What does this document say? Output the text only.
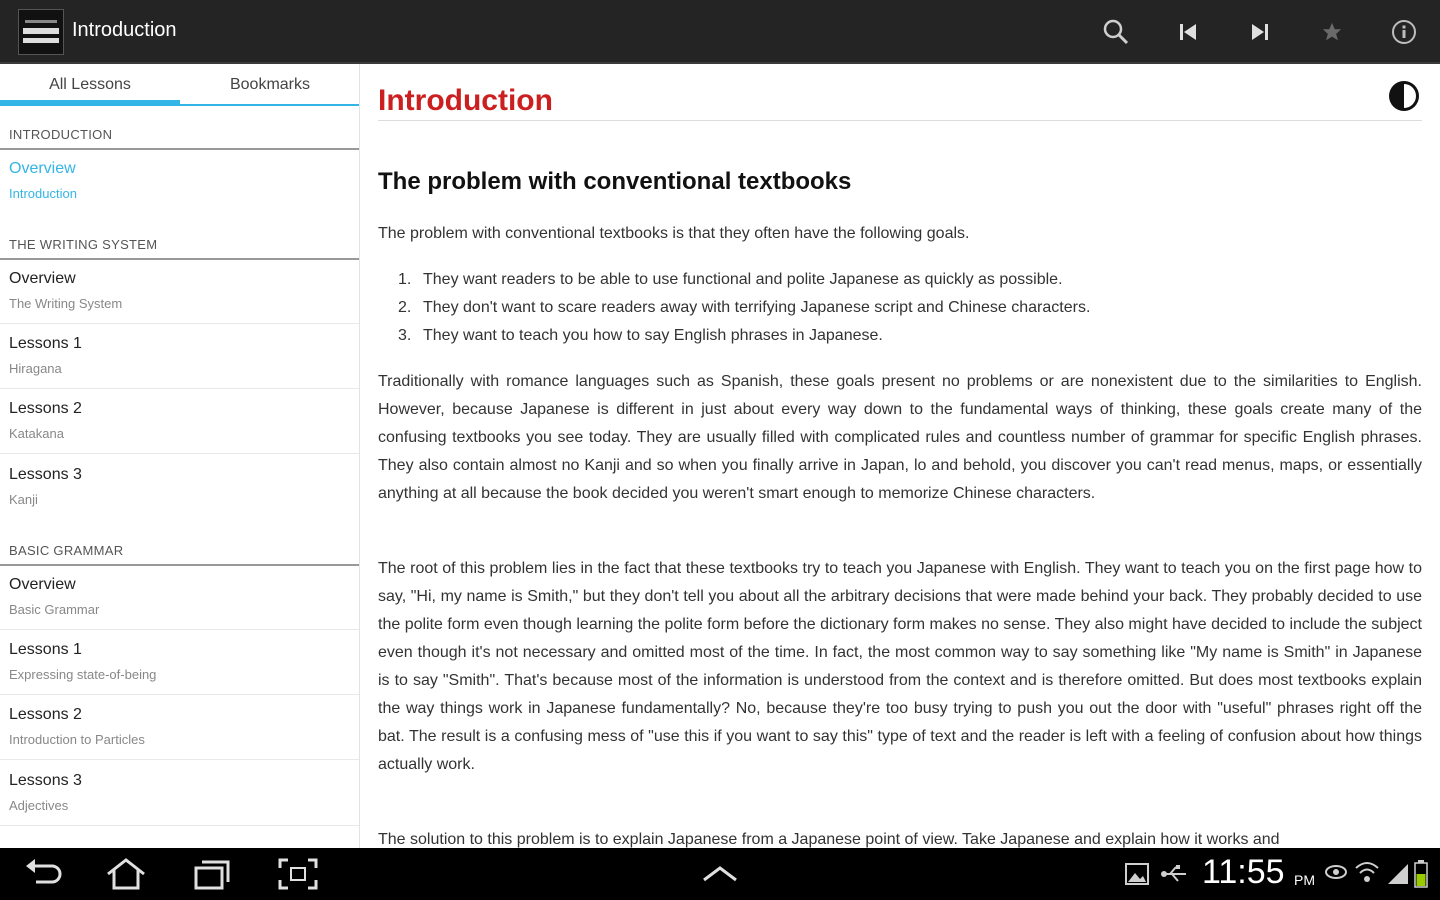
Introduction
All Lessons	Bookmarks
INTRODUCTION
Overview
Introduction
THE WRITING SYSTEM
Overview
The Writing System
Lessons 1
Hiragana
Lessons 2
Katakana
Lessons 3
Kanji
BASIC GRAMMAR
Overview
Basic Grammar
Lessons 1
Expressing state-of-being
Lessons 2
Introduction to Particles
Lessons 3
Adjectives
Introduction
The problem with conventional textbooks

The problem with conventional textbooks is that they often have the following goals.

1. They want readers to be able to use functional and polite Japanese as quickly as possible.
2. They don't want to scare readers away with terrifying Japanese script and Chinese characters.
3. They want to teach you how to say English phrases in Japanese.

Traditionally with romance languages such as Spanish, these goals present no problems or are nonexistent due to the similarities to English. However, because Japanese is different in just about every way down to the fundamental ways of thinking, these goals create many of the confusing textbooks you see today. They are usually filled with complicated rules and countless number of grammar for specific English phrases. They also contain almost no Kanji and so when you finally arrive in Japan, lo and behold, you discover you can't read menus, maps, or essentially anything at all because the book decided you weren't smart enough to memorize Chinese characters.

The root of this problem lies in the fact that these textbooks try to teach you Japanese with English. They want to teach you on the first page how to say, "Hi, my name is Smith," but they don't tell you about all the arbitrary decisions that were made behind your back. They probably decided to use the polite form even though learning the polite form before the dictionary form makes no sense. They also might have decided to include the subject even though it's not necessary and omitted most of the time. In fact, the most common way to say something like "My name is Smith" in Japanese is to say "Smith". That's because most of the information is understood from the context and is therefore omitted. But does most textbooks explain the way things work in Japanese fundamentally? No, because they're too busy trying to push you out the door with "useful" phrases right off the bat. The result is a confusing mess of "use this if you want to say this" type of text and the reader is left with a feeling of confusion about how things actually work.

The solution to this problem is to explain Japanese from a Japanese point of view. Take Japanese and explain how it works and

11:55 PM
